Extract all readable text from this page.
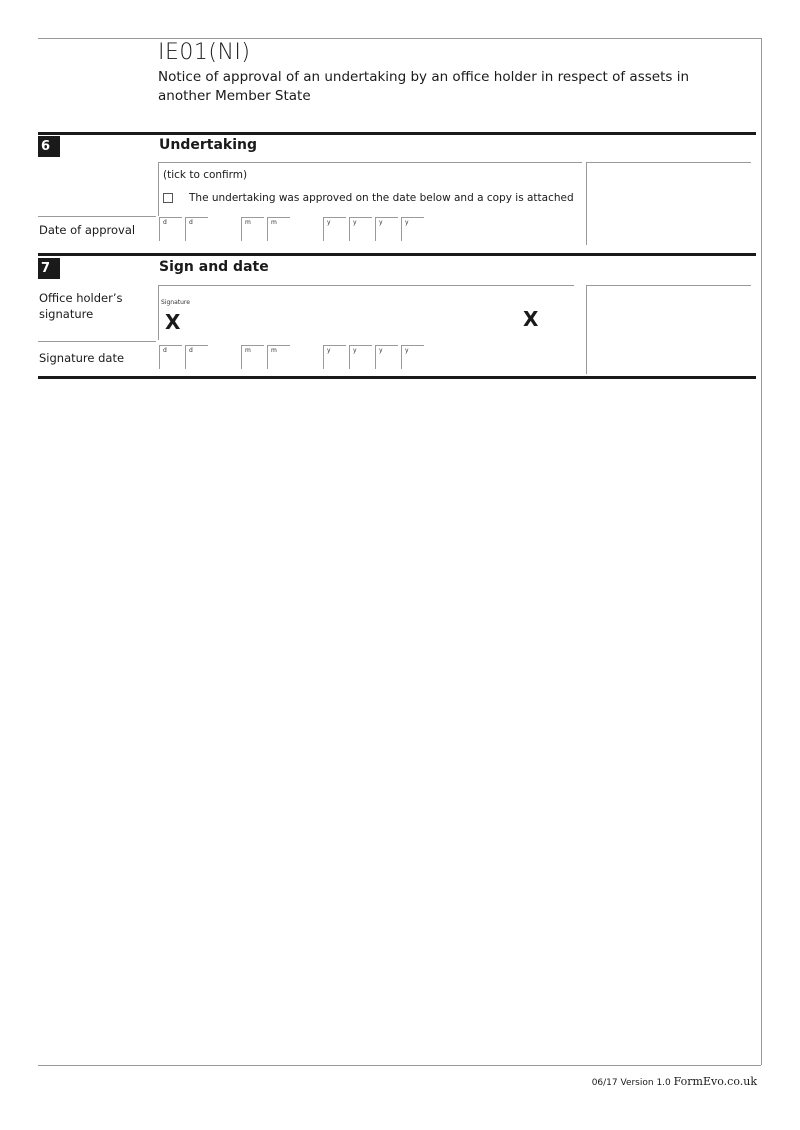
IE01(NI)
Notice of approval of an undertaking by an office holder in respect of assets in another Member State
6	Undertaking
(tick to confirm)
The undertaking was approved on the date below and a copy is attached
Date of approval
d	d	m	m	y	y	y	y
7	Sign and date
Office holder’s signature
Signature
X	X
Signature date
d	d	m	m	y	y	y	y
06/17 Version 1.0 FormEvo.co.uk
